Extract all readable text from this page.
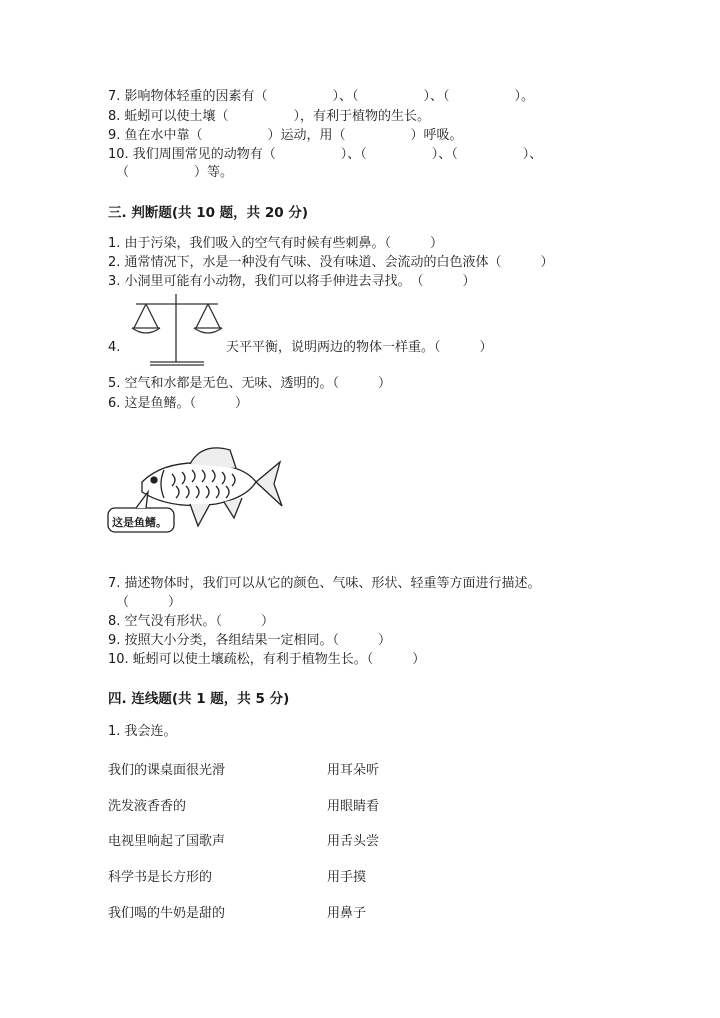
7. 影响物体轻重的因素有（　　　　　）、（　　　　　）、（　　　　　）。
8. 蚯蚓可以使土壤（　　　　　），有利于植物的生长。
9. 鱼在水中靠（　　　　　）运动，用（　　　　　）呼吸。
10. 我们周围常见的动物有（　　　　　）、（　　　　　）、（　　　　　）、
（　　　　　）等。
三. 判断题(共 10 题，共 20 分)
1. 由于污染，我们吸入的空气有时候有些刺鼻。（　　　）
2. 通常情况下，水是一种没有气味、没有味道、会流动的白色液体（　　　）
3. 小洞里可能有小动物，我们可以将手伸进去寻找。　（　　　）
4.	天平平衡，说明两边的物体一样重。（　　　）
5. 空气和水都是无色、无味、透明的。（　　　）
6. 这是鱼鳍。（　　　）
这是鱼鳍。
7. 描述物体时，我们可以从它的颜色、气味、形状、轻重等方面进行描述。
（　　　）
8. 空气没有形状。（　　　）
9. 按照大小分类，各组结果一定相同。（　　　）
10. 蚯蚓可以使土壤疏松，有利于植物生长。（　　　）
四. 连线题(共 1 题，共 5 分)
1. 我会连。
我们的课桌面很光滑	用耳朵听
洗发液香香的	用眼睛看
电视里响起了国歌声	用舌头尝
科学书是长方形的	用手摸
我们喝的牛奶是甜的	用鼻子
